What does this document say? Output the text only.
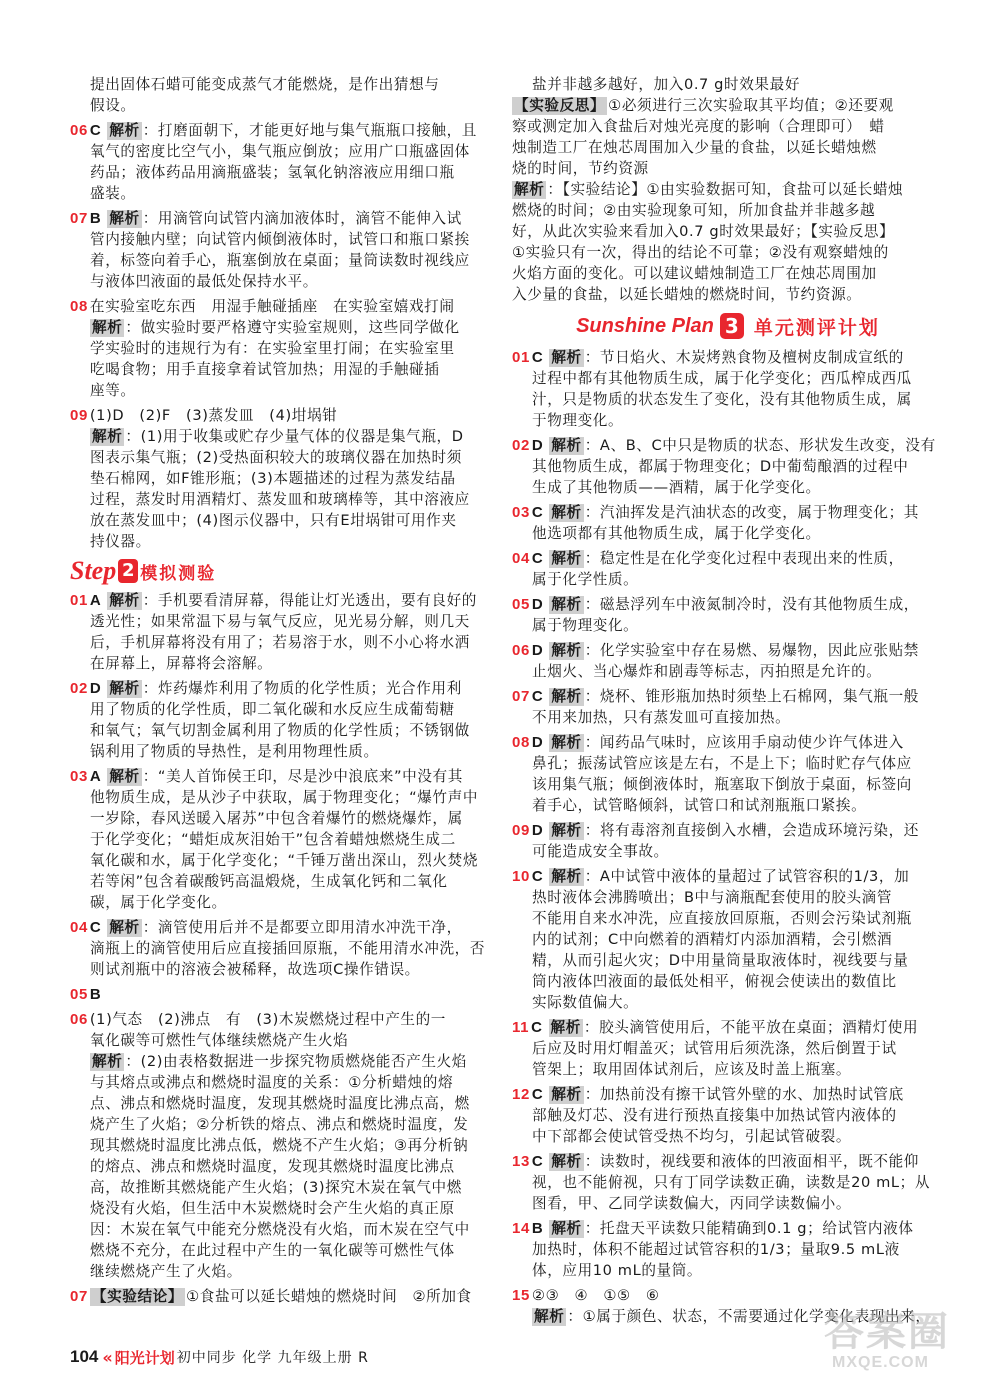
提出固体石蜡可能变成蒸气才能燃烧，是作出猜想与
假设。
06 C 解析 ：打磨面朝下，才能更好地与集气瓶瓶口接触，且
氧气的密度比空气小，集气瓶应倒放；应用广口瓶盛固体
药品；液体药品用滴瓶盛装；氢氧化钠溶液应用细口瓶
盛装。
07 B 解析 ：用滴管向试管内滴加液体时，滴管不能伸入试
管内接触内壁；向试管内倾倒液体时，试管口和瓶口紧挨
着，标签向着手心，瓶塞倒放在桌面；量筒读数时视线应
与液体凹液面的最低处保持水平。
08 在实验室吃东西　用湿手触碰插座　在实验室嬉戏打闹
解析 ：做实验时要严格遵守实验室规则，这些同学做化
学实验时的违规行为有：在实验室里打闹；在实验室里
吃喝食物；用手直接拿着试管加热；用湿的手触碰插
座等。
09 (1)D　(2)F　(3)蒸发皿　(4)坩埚钳
解析 ：(1)用于收集或贮存少量气体的仪器是集气瓶，D
图表示集气瓶；(2)受热面积较大的玻璃仪器在加热时须
垫石棉网，如F锥形瓶；(3)本题描述的过程为蒸发结晶
过程，蒸发时用酒精灯、蒸发皿和玻璃棒等，其中溶液应
放在蒸发皿中；(4)图示仪器中，只有E坩埚钳可用作夹
持仪器。
Step 2 模拟测验
01 A 解析 ：手机要看清屏幕，得能让灯光透出，要有良好的
透光性；如果常温下易与氧气反应，见光易分解，则几天
后，手机屏幕将没有用了；若易溶于水，则不小心将水洒
在屏幕上，屏幕将会溶解。
02 D 解析 ：炸药爆炸利用了物质的化学性质；光合作用利
用了物质的化学性质，即二氧化碳和水反应生成葡萄糖
和氧气；氧气切割金属利用了物质的化学性质；不锈钢做
锅利用了物质的导热性，是利用物理性质。
03 A 解析 ：“美人首饰侯王印，尽是沙中浪底来”中没有其
他物质生成，是从沙子中获取，属于物理变化；“爆竹声中
一岁除，春风送暖入屠苏”中包含着爆竹的燃烧爆炸，属
于化学变化；“蜡炬成灰泪始干”包含着蜡烛燃烧生成二
氧化碳和水，属于化学变化；“千锤万凿出深山，烈火焚烧
若等闲”包含着碳酸钙高温煅烧，生成氧化钙和二氧化
碳，属于化学变化。
04 C 解析 ：滴管使用后并不是都要立即用清水冲洗干净，
滴瓶上的滴管使用后应直接插回原瓶，不能用清水冲洗，否
则试剂瓶中的溶液会被稀释，故选项C操作错误。
05 B
06 (1)气态　(2)沸点　有　(3)木炭燃烧过程中产生的一
氧化碳等可燃性气体继续燃烧产生火焰
解析 ：(2)由表格数据进一步探究物质燃烧能否产生火焰
与其熔点或沸点和燃烧时温度的关系：①分析蜡烛的熔
点、沸点和燃烧时温度，发现其燃烧时温度比沸点高，燃
烧产生了火焰；②分析铁的熔点、沸点和燃烧时温度，发
现其燃烧时温度比沸点低，燃烧不产生火焰；③再分析钠
的熔点、沸点和燃烧时温度，发现其燃烧时温度比沸点
高，故推断其燃烧能产生火焰；(3)探究木炭在氧气中燃
烧没有火焰，但生活中木炭燃烧时会产生火焰的真正原
因：木炭在氧气中能充分燃烧没有火焰，而木炭在空气中
燃烧不充分，在此过程中产生的一氧化碳等可燃性气体
继续燃烧产生了火焰。
07 【实验结论】 ①食盐可以延长蜡烛的燃烧时间　②所加食
盐并非越多越好，加入0.7 g时效果最好
【实验反思】 ①必须进行三次实验取其平均值；②还要观
察或测定加入食盐后对烛光亮度的影响（合理即可）　蜡
烛制造工厂在烛芯周围加入少量的食盐，以延长蜡烛燃
烧的时间，节约资源
解析 ：【实验结论】①由实验数据可知，食盐可以延长蜡烛
燃烧的时间；②由实验现象可知，所加食盐并非越多越
好，从此次实验来看加入0.7 g时效果最好；【实验反思】
①实验只有一次，得出的结论不可靠；②没有观察蜡烛的
火焰方面的变化。可以建议蜡烛制造工厂在烛芯周围加
入少量的食盐，以延长蜡烛的燃烧时间，节约资源。
Sunshine Plan 3 单元测评计划
01 C 解析 ：节日焰火、木炭烤熟食物及檀树皮制成宣纸的
过程中都有其他物质生成，属于化学变化；西瓜榨成西瓜
汁，只是物质的状态发生了变化，没有其他物质生成，属
于物理变化。
02 D 解析 ：A、B、C中只是物质的状态、形状发生改变，没有
其他物质生成，都属于物理变化；D中葡萄酿酒的过程中
生成了其他物质——酒精，属于化学变化。
03 C 解析 ：汽油挥发是汽油状态的改变，属于物理变化；其
他选项都有其他物质生成，属于化学变化。
04 C 解析 ：稳定性是在化学变化过程中表现出来的性质，
属于化学性质。
05 D 解析 ：磁悬浮列车中液氮制冷时，没有其他物质生成，
属于物理变化。
06 D 解析 ：化学实验室中存在易燃、易爆物，因此应张贴禁
止烟火、当心爆炸和剧毒等标志，丙拍照是允许的。
07 C 解析 ：烧杯、锥形瓶加热时须垫上石棉网，集气瓶一般
不用来加热，只有蒸发皿可直接加热。
08 D 解析 ：闻药品气味时，应该用手扇动使少许气体进入
鼻孔；振荡试管应该是左右，不是上下；临时贮存气体应
该用集气瓶；倾倒液体时，瓶塞取下倒放于桌面，标签向
着手心，试管略倾斜，试管口和试剂瓶瓶口紧挨。
09 D 解析 ：将有毒溶剂直接倒入水槽，会造成环境污染，还
可能造成安全事故。
10 C 解析 ：A中试管中液体的量超过了试管容积的1/3，加
热时液体会沸腾喷出；B中与滴瓶配套使用的胶头滴管
不能用自来水冲洗，应直接放回原瓶，否则会污染试剂瓶
内的试剂；C中向燃着的酒精灯内添加酒精，会引燃酒
精，从而引起火灾；D中用量筒量取液体时，视线要与量
筒内液体凹液面的最低处相平，俯视会使读出的数值比
实际数值偏大。
11 C 解析 ：胶头滴管使用后，不能平放在桌面；酒精灯使用
后应及时用灯帽盖灭；试管用后须洗涤，然后倒置于试
管架上；取用固体试剂后，应该及时盖上瓶塞。
12 C 解析 ：加热前没有擦干试管外壁的水、加热时试管底
部触及灯芯、没有进行预热直接集中加热试管内液体的
中下部都会使试管受热不均匀，引起试管破裂。
13 C 解析 ：读数时，视线要和液体的凹液面相平，既不能仰
视，也不能俯视，只有丁同学读数正确，读数是20 mL；从
图看，甲、乙同学读数偏大，丙同学读数偏小。
14 B 解析 ：托盘天平读数只能精确到0.1 g；给试管内液体
加热时，体积不能超过试管容积的1/3；量取9.5 mL液
体，应用10 mL的量筒。
15 ②③　④　①⑤　⑥
解析 ：①属于颜色、状态，不需要通过化学变化表现出来，
104 « 阳光计划 初中同步 化学 九年级上册 R
答案圈
MXQE.COM
